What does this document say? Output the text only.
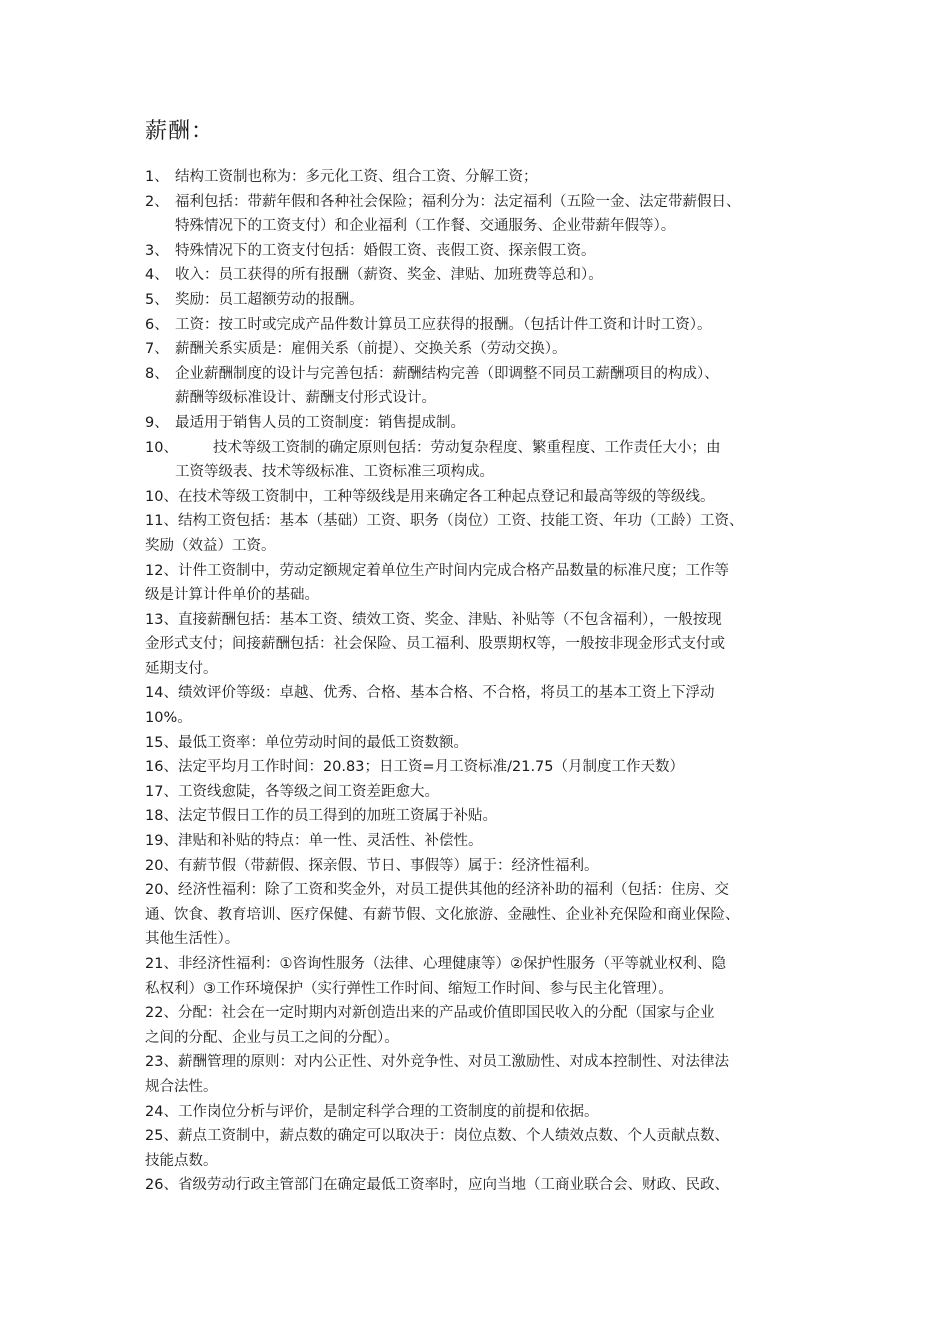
薪酬：
1、 结构工资制也称为：多元化工资、组合工资、分解工资；
2、 福利包括：带薪年假和各种社会保险；福利分为：法定福利（五险一金、法定带薪假日、
特殊情况下的工资支付）和企业福利（工作餐、交通服务、企业带薪年假等）。
3、 特殊情况下的工资支付包括：婚假工资、丧假工资、探亲假工资。
4、 收入：员工获得的所有报酬（薪资、奖金、津贴、加班费等总和）。
5、 奖励：员工超额劳动的报酬。
6、 工资：按工时或完成产品件数计算员工应获得的报酬。（包括计件工资和计时工资）。
7、 薪酬关系实质是：雇佣关系（前提）、交换关系（劳动交换）。
8、 企业薪酬制度的设计与完善包括：薪酬结构完善（即调整不同员工薪酬项目的构成）、
薪酬等级标准设计、薪酬支付形式设计。
9、 最适用于销售人员的工资制度：销售提成制。
10、 技术等级工资制的确定原则包括：劳动复杂程度、繁重程度、工作责任大小；由
工资等级表、技术等级标准、工资标准三项构成。
10、在技术等级工资制中，工种等级线是用来确定各工种起点登记和最高等级的等级线。
11、结构工资包括：基本（基础）工资、职务（岗位）工资、技能工资、年功（工龄）工资、
奖励（效益）工资。
12、计件工资制中，劳动定额规定着单位生产时间内完成合格产品数量的标准尺度；工作等
级是计算计件单价的基础。
13、直接薪酬包括：基本工资、绩效工资、奖金、津贴、补贴等（不包含福利），一般按现
金形式支付；间接薪酬包括：社会保险、员工福利、股票期权等，一般按非现金形式支付或
延期支付。
14、绩效评价等级：卓越、优秀、合格、基本合格、不合格，将员工的基本工资上下浮动
10%。
15、最低工资率：单位劳动时间的最低工资数额。
16、法定平均月工作时间：20.83；日工资=月工资标准/21.75（月制度工作天数）
17、工资线愈陡，各等级之间工资差距愈大。
18、法定节假日工作的员工得到的加班工资属于补贴。
19、津贴和补贴的特点：单一性、灵活性、补偿性。
20、有薪节假（带薪假、探亲假、节日、事假等）属于：经济性福利。
20、经济性福利：除了工资和奖金外，对员工提供其他的经济补助的福利（包括：住房、交
通、饮食、教育培训、医疗保健、有薪节假、文化旅游、金融性、企业补充保险和商业保险、
其他生活性）。
21、非经济性福利：①咨询性服务（法律、心理健康等）②保护性服务（平等就业权利、隐
私权利）③工作环境保护（实行弹性工作时间、缩短工作时间、参与民主化管理）。
22、分配：社会在一定时期内对新创造出来的产品或价值即国民收入的分配（国家与企业
之间的分配、企业与员工之间的分配）。
23、薪酬管理的原则：对内公正性、对外竞争性、对员工激励性、对成本控制性、对法律法
规合法性。
24、工作岗位分析与评价，是制定科学合理的工资制度的前提和依据。
25、薪点工资制中，薪点数的确定可以取决于：岗位点数、个人绩效点数、个人贡献点数、
技能点数。
26、省级劳动行政主管部门在确定最低工资率时，应向当地（工商业联合会、财政、民政、
